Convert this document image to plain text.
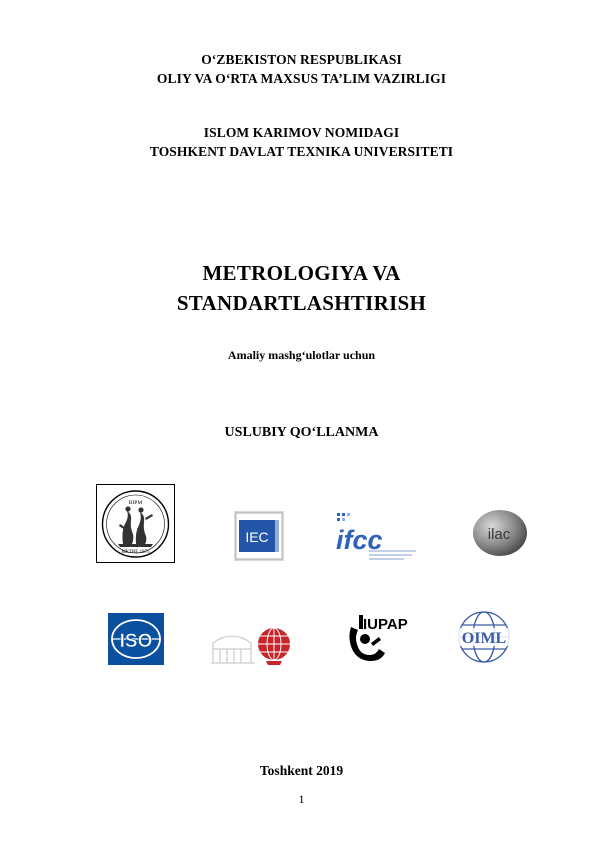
O‘ZBEKISTON RESPUBLIKASI
OLIY VA O‘RTA MAXSUS TA’LIM VAZIRLIGI
ISLOM KARIMOV NOMIDAGI
TOSHKENT DAVLAT TEXNIKA UNIVERSITETI
METROLOGIYA VA
STANDARTLASHTIRISH
Amaliy mashg‘ulotlar uchun
USLUBIY QO‘LLANMA
BIPM
METRE 1875
IEC ifcc	ilac
ISO
IUPAP
OIML
Toshkent 2019
1
